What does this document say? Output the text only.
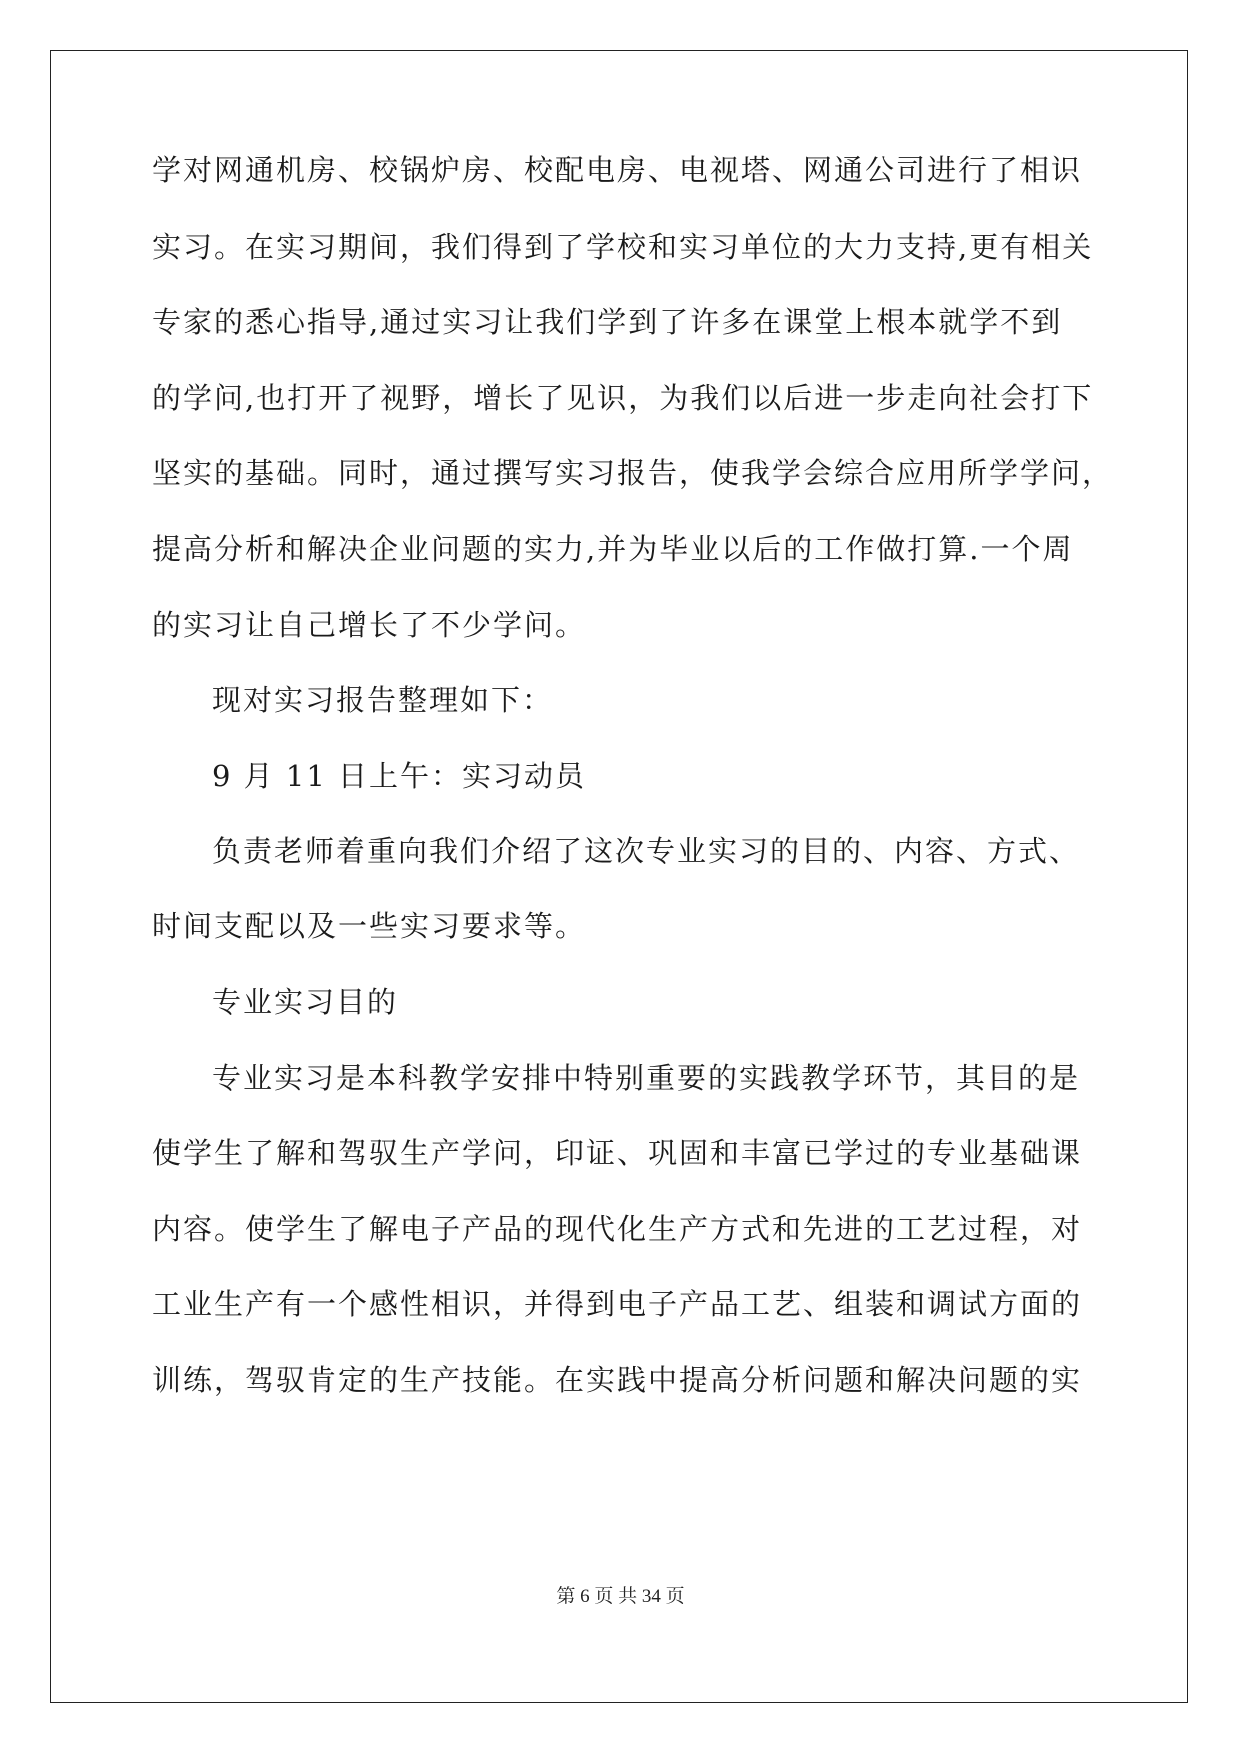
学对网通机房、校锅炉房、校配电房、电视塔、网通公司进行了相识
实习。在实习期间，我们得到了学校和实习单位的大力支持,更有相关
专家的悉心指导,通过实习让我们学到了许多在课堂上根本就学不到
的学问,也打开了视野，增长了见识，为我们以后进一步走向社会打下
坚实的基础。同时，通过撰写实习报告，使我学会综合应用所学学问，
提高分析和解决企业问题的实力,并为毕业以后的工作做打算.一个周
的实习让自己增长了不少学问。
现对实习报告整理如下：
9 月 11 日上午：实习动员
负责老师着重向我们介绍了这次专业实习的目的、内容、方式、
时间支配以及一些实习要求等。
专业实习目的
专业实习是本科教学安排中特别重要的实践教学环节，其目的是
使学生了解和驾驭生产学问，印证、巩固和丰富已学过的专业基础课
内容。使学生了解电子产品的现代化生产方式和先进的工艺过程，对
工业生产有一个感性相识，并得到电子产品工艺、组装和调试方面的
训练，驾驭肯定的生产技能。在实践中提高分析问题和解决问题的实
第 6 页 共 34 页
